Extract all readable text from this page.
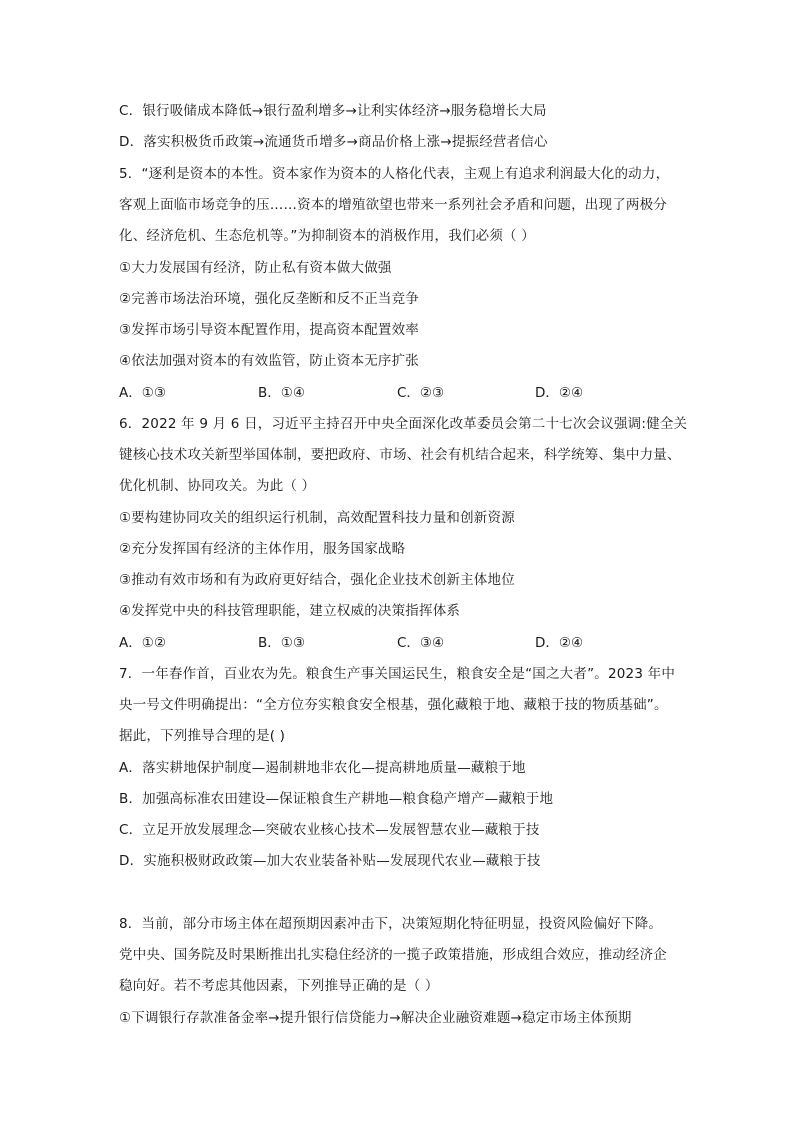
C．银行吸储成本降低→银行盈利增多→让利实体经济→服务稳增长大局
D．落实积极货币政策→流通货币增多→商品价格上涨→提振经营者信心
5．“逐利是资本的本性。资本家作为资本的人格化代表，主观上有追求利润最大化的动力，
客观上面临市场竞争的压……资本的增殖欲望也带来一系列社会矛盾和问题，出现了两极分
化、经济危机、生态危机等。”为抑制资本的消极作用，我们必须（ ）
①大力发展国有经济，防止私有资本做大做强
②完善市场法治环境，强化反垄断和反不正当竞争
③发挥市场引导资本配置作用，提高资本配置效率
④依法加强对资本的有效监管，防止资本无序扩张
A．①③	B．①④	C．②③	D．②④
6．2022 年 9 月 6 日，习近平主持召开中央全面深化改革委员会第二十七次会议强调:健全关
键核心技术攻关新型举国体制，要把政府、市场、社会有机结合起来，科学统筹、集中力量、
优化机制、协同攻关。为此（ ）
①要构建协同攻关的组织运行机制，高效配置科技力量和创新资源
②充分发挥国有经济的主体作用，服务国家战略
③推动有效市场和有为政府更好结合，强化企业技术创新主体地位
④发挥党中央的科技管理职能，建立权威的决策指挥体系
A．①②	B．①③	C．③④	D．②④
7．一年春作首，百业农为先。粮食生产事关国运民生，粮食安全是“国之大者”。2023 年中
央一号文件明确提出：“全方位夯实粮食安全根基，强化藏粮于地、藏粮于技的物质基础”。
据此，下列推导合理的是( )
A．落实耕地保护制度—遏制耕地非农化—提高耕地质量—藏粮于地
B．加强高标准农田建设—保证粮食生产耕地—粮食稳产增产—藏粮于地
C．立足开放发展理念—突破农业核心技术—发展智慧农业—藏粮于技
D．实施积极财政政策—加大农业装备补贴—发展现代农业—藏粮于技
8．当前，部分市场主体在超预期因素冲击下，决策短期化特征明显，投资风险偏好下降。
党中央、国务院及时果断推出扎实稳住经济的一揽子政策措施，形成组合效应，推动经济企
稳向好。若不考虑其他因素，下列推导正确的是（ ）
①下调银行存款准备金率→提升银行信贷能力→解决企业融资难题→稳定市场主体预期
